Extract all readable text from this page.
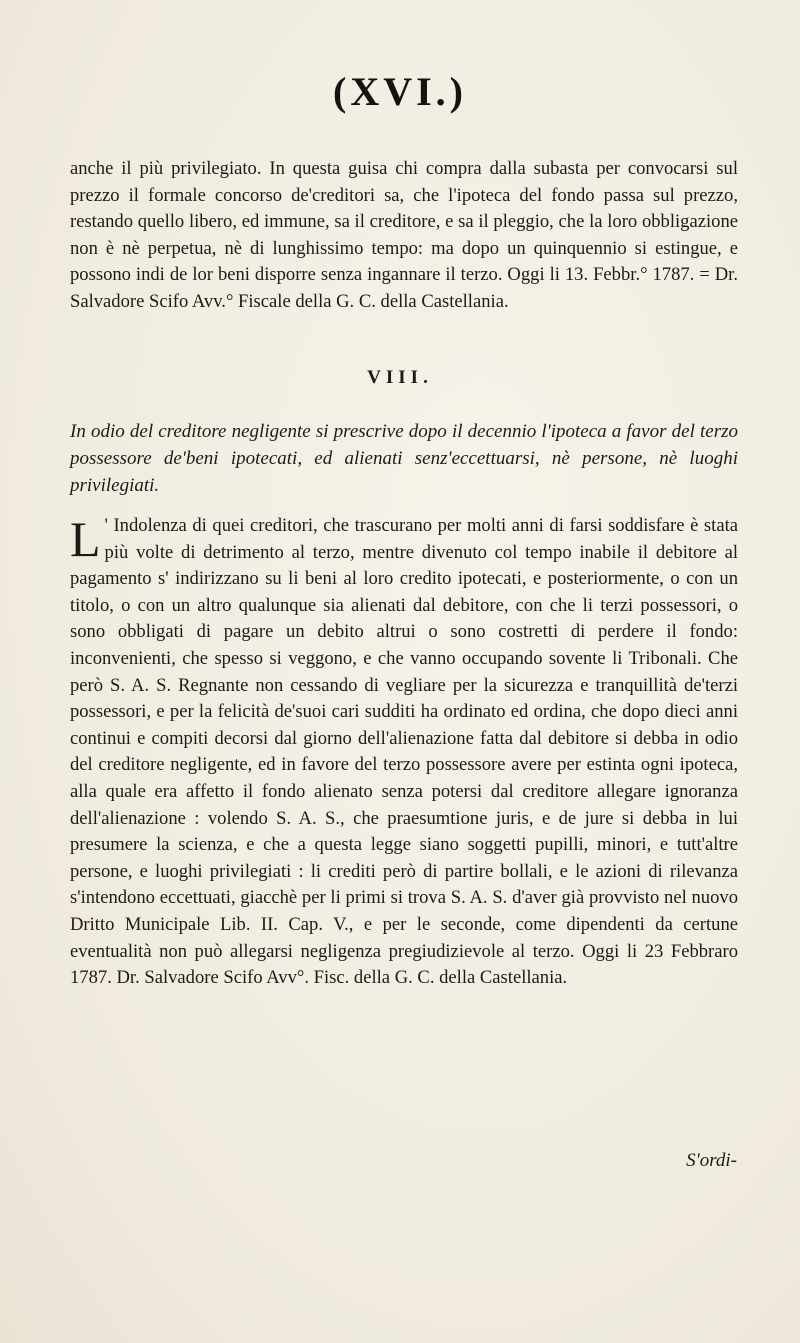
(XVI.)

anche il più privilegiato. In questa guisa chi compra dalla subasta per convocarsi sul prezzo il formale concorso de'creditori sa, che l'ipoteca del fondo passa sul prezzo, restando quello libero, ed immune, sa il creditore, e sa il pleggio, che la loro obbligazione non è nè perpetua, nè di lunghissimo tempo: ma dopo un quinquennio si estingue, e possono indi de lor beni disporre senza ingannare il terzo. Oggi li 13. Febbr.° 1787. = Dr. Salvadore Scifo Avv.° Fiscale della G. C. della Castellania.

VIII.

In odio del creditore negligente si prescrive dopo il decennio l'ipoteca a favor del terzo possessore de'beni ipotecati, ed alienati senz'eccettuarsi, nè persone, nè luoghi privilegiati.

L ' Indolenza di quei creditori, che trascurano per molti anni di farsi soddisfare è stata più volte di detrimento al terzo, mentre divenuto col tempo inabile il debitore al pagamento s' indirizzano su li beni al loro credito ipotecati, e posteriormente, o con un titolo, o con un altro qualunque sia alienati dal debitore, con che li terzi possessori, o sono obbligati di pagare un debito altrui o sono costretti di perdere il fondo: inconvenienti, che spesso si veggono, e che vanno occupando sovente li Tribonali. Che però S. A. S. Regnante non cessando di vegliare per la sicurezza e tranquillità de'terzi possessori, e per la felicità de'suoi cari sudditi ha ordinato ed ordina, che dopo dieci anni continui e compiti decorsi dal giorno dell'alienazione fatta dal debitore si debba in odio del creditore negligente, ed in favore del terzo possessore avere per estinta ogni ipoteca, alla quale era affetto il fondo alienato senza potersi dal creditore allegare ignoranza dell'alienazione : volendo S. A. S., che praesumtione juris, e de jure si debba in lui presumere la scienza, e che a questa legge siano soggetti pupilli, minori, e tutt'altre persone, e luoghi privilegiati : li crediti però di partire bollali, e le azioni di rilevanza s'intendono eccettuati, giacchè per li primi si trova S. A. S. d'aver già provvisto nel nuovo Dritto Municipale Lib. II. Cap. V., e per le seconde, come dipendenti da certune eventualità non può allegarsi negligenza pregiudizievole al terzo. Oggi li 23 Febbraro 1787. Dr. Salvadore Scifo Avv°. Fisc. della G. C. della Castellania.

S'ordi-
